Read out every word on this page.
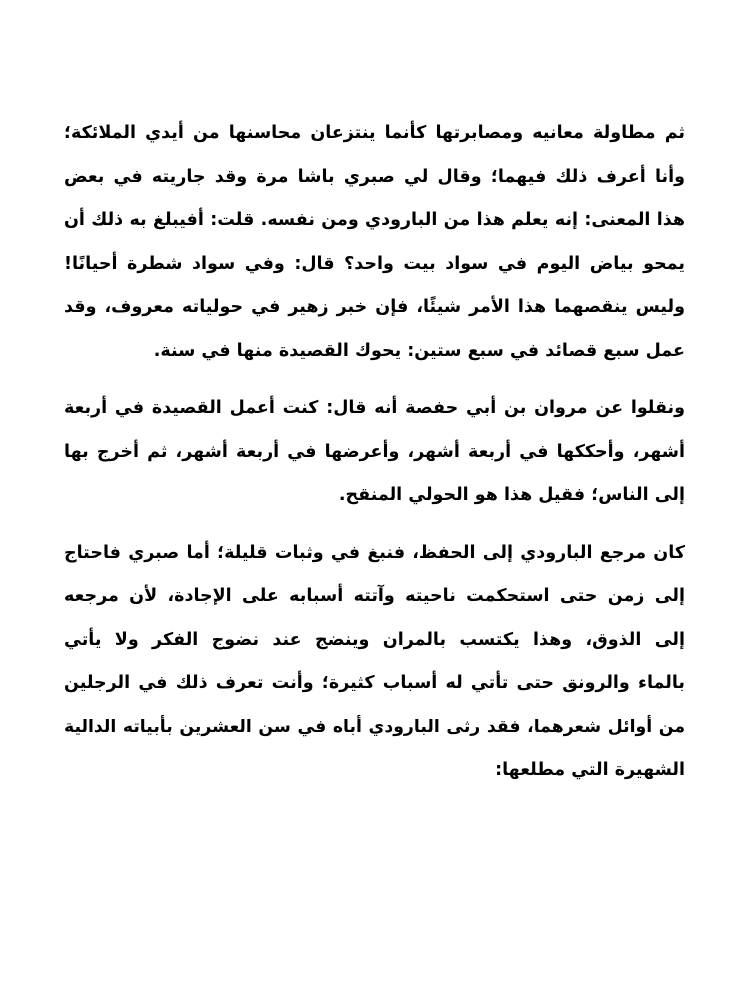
ثم مطاولة معانيه ومصابرتها كأنما ينتزعان محاسنها من أيدي الملائكة؛
وأنا أعرف ذلك فيهما؛ وقال لي صبري باشا مرة وقد جاريته في بعض
هذا المعنى: إنه يعلم هذا من البارودي ومن نفسه. قلت: أفيبلغ به ذلك أن
يمحو بياض اليوم في سواد بيت واحد؟ قال: وفي سواد شطرة أحيانًا!
وليس ينقصهما هذا الأمر شيئًا، فإن خبر زهير في حولياته معروف، وقد
عمل سبع قصائد في سبع ستين: يحوك القصيدة منها في سنة.
ونقلوا عن مروان بن أبي حفصة أنه قال: كنت أعمل القصيدة في أربعة
أشهر، وأحككها في أربعة أشهر، وأعرضها في أربعة أشهر، ثم أخرج بها
إلى الناس؛ فقيل هذا هو الحولي المنقح.
كان مرجع البارودي إلى الحفظ، فنبغ في وثبات قليلة؛ أما صبري فاحتاج
إلى زمن حتى استحكمت ناحيته وآتته أسبابه على الإجادة، لأن مرجعه
إلى الذوق، وهذا يكتسب بالمران وينضج عند نضوج الفكر ولا يأتي
بالماء والرونق حتى تأتي له أسباب كثيرة؛ وأنت تعرف ذلك في الرجلين
من أوائل شعرهما، فقد رثى البارودي أباه في سن العشرين بأبياته الدالية
الشهيرة التي مطلعها:
